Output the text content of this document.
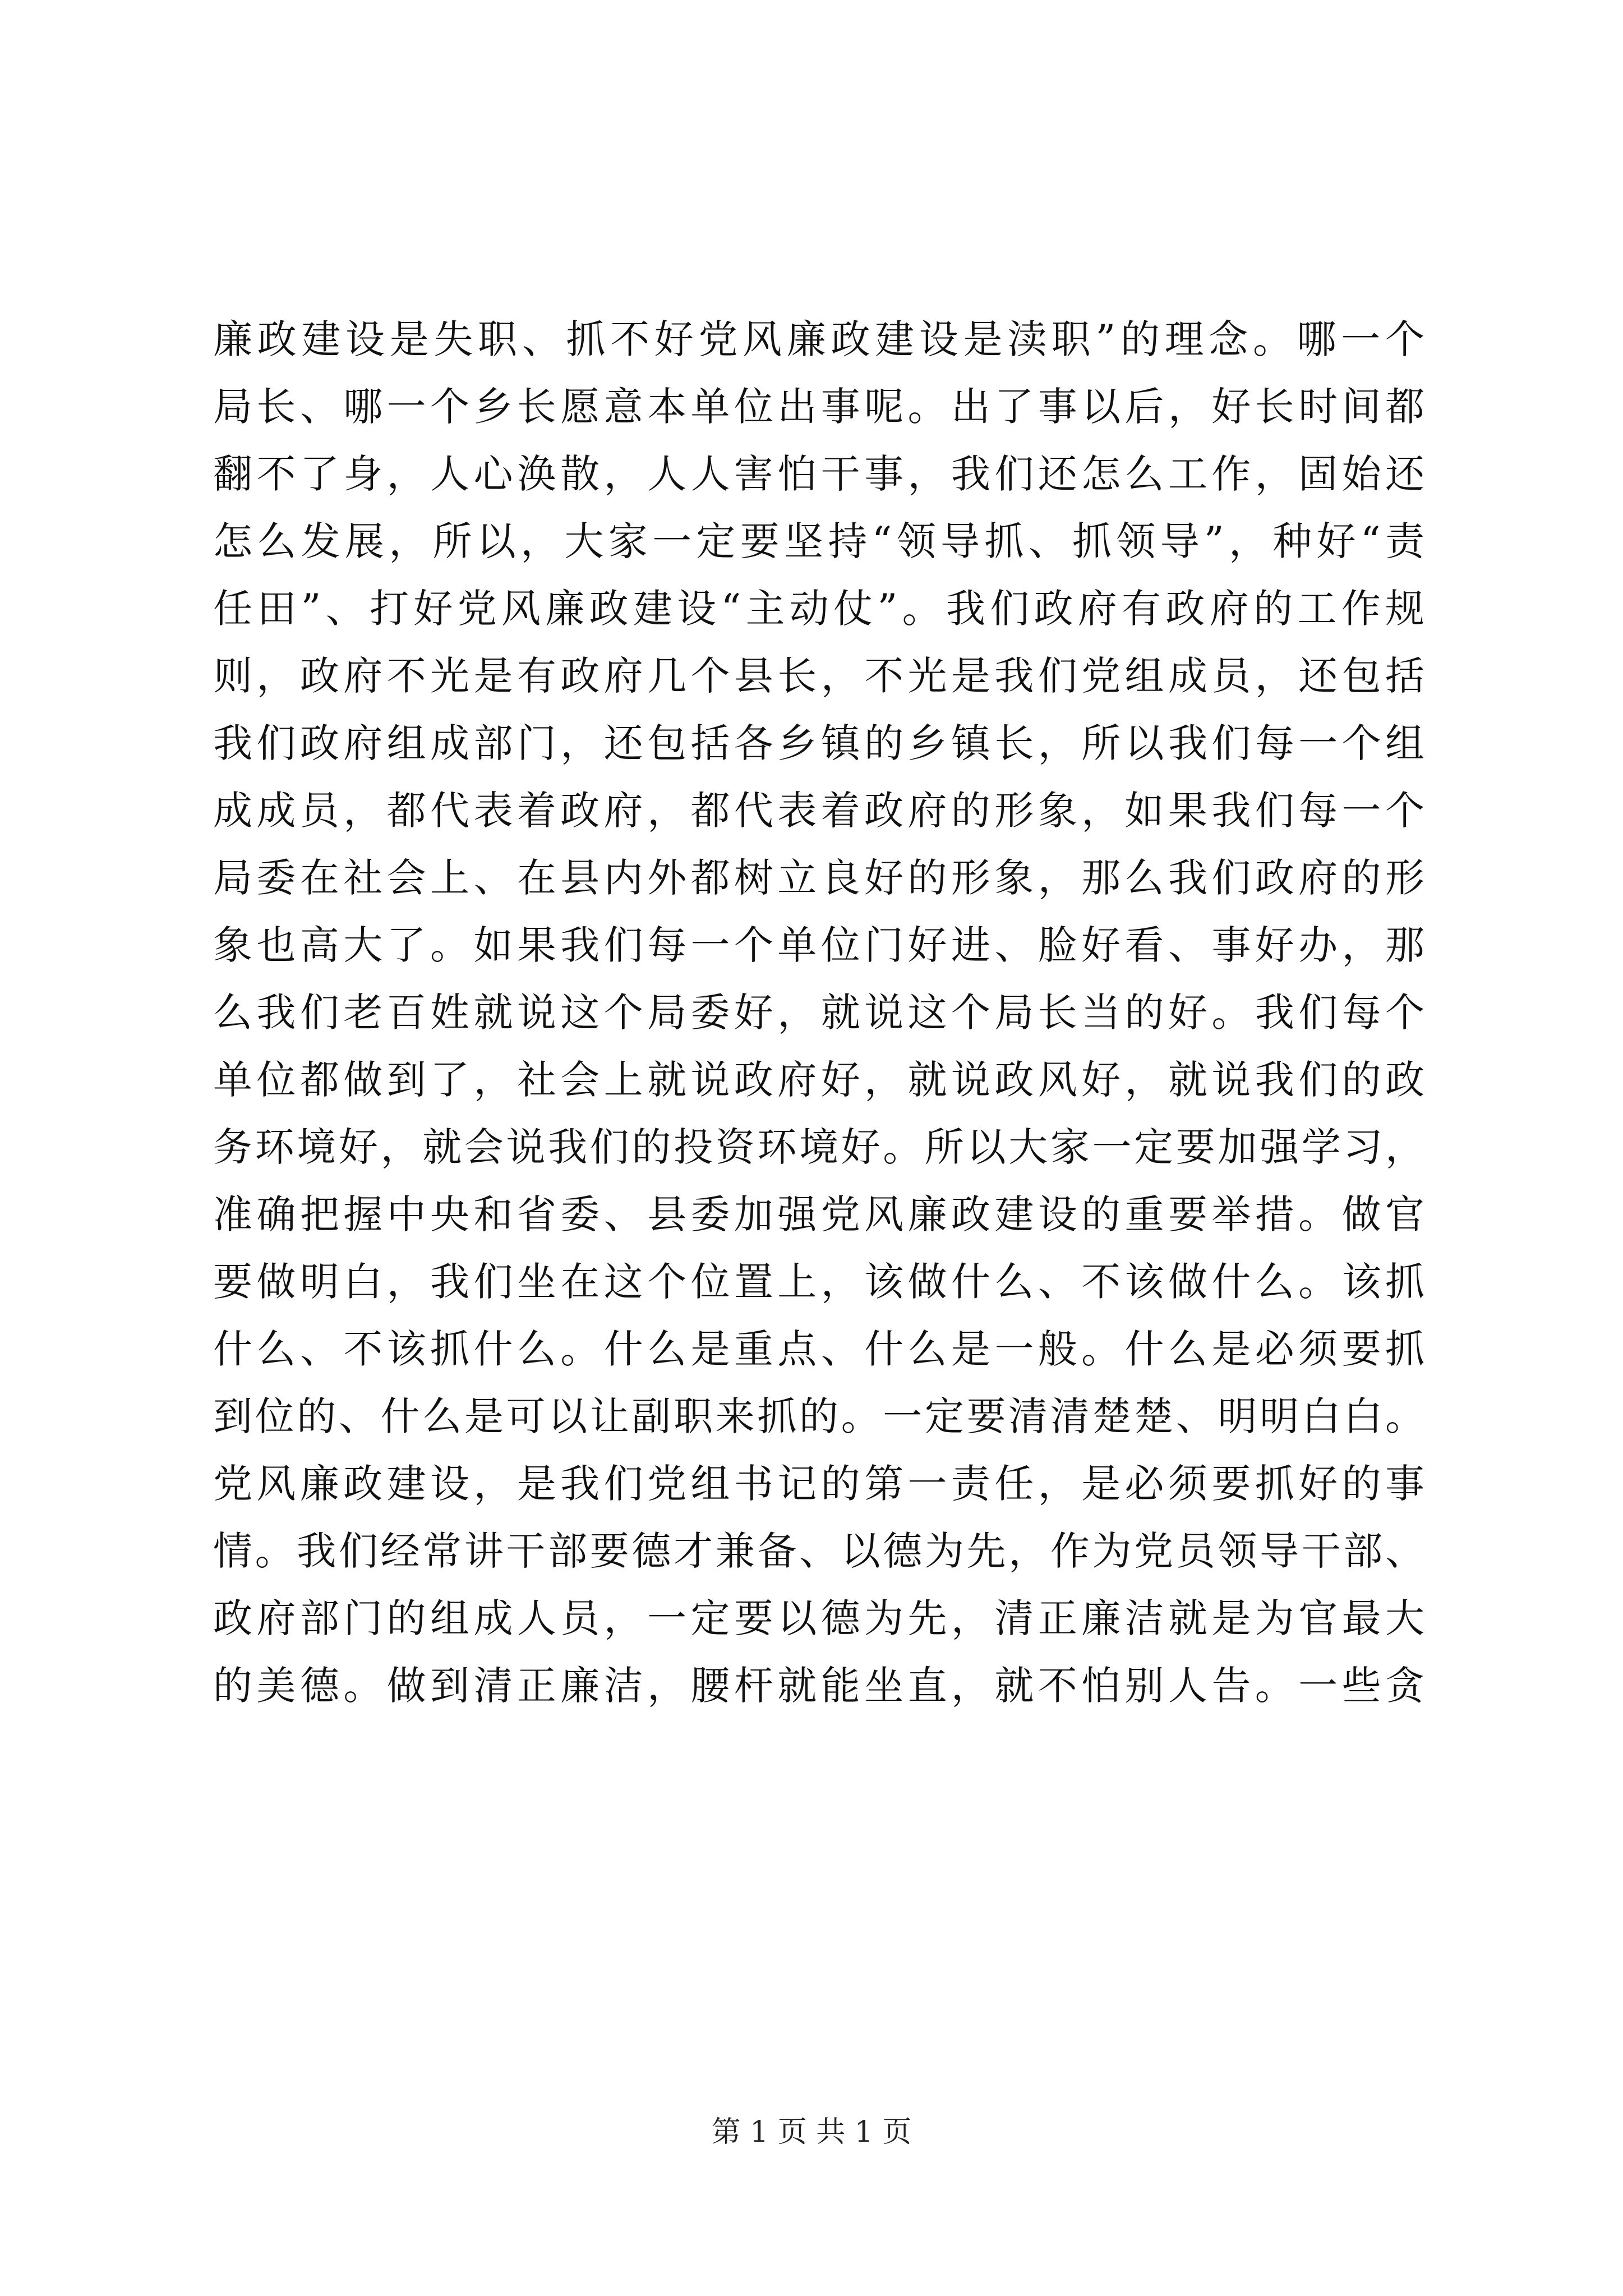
廉政建设是失职、抓不好党风廉政建设是渎职”的理念。哪一个
局长、哪一个乡长愿意本单位出事呢。出了事以后，好长时间都
翻不了身，人心涣散，人人害怕干事，我们还怎么工作，固始还
怎么发展，所以，大家一定要坚持“领导抓、抓领导”，种好“责
任田”、打好党风廉政建设“主动仗”。我们政府有政府的工作规
则，政府不光是有政府几个县长，不光是我们党组成员，还包括
我们政府组成部门，还包括各乡镇的乡镇长，所以我们每一个组
成成员，都代表着政府，都代表着政府的形象，如果我们每一个
局委在社会上、在县内外都树立良好的形象，那么我们政府的形
象也高大了。如果我们每一个单位门好进、脸好看、事好办，那
么我们老百姓就说这个局委好，就说这个局长当的好。我们每个
单位都做到了，社会上就说政府好，就说政风好，就说我们的政
务环境好，就会说我们的投资环境好。所以大家一定要加强学习，
准确把握中央和省委、县委加强党风廉政建设的重要举措。做官
要做明白，我们坐在这个位置上，该做什么、不该做什么。该抓
什么、不该抓什么。什么是重点、什么是一般。什么是必须要抓
到位的、什么是可以让副职来抓的。一定要清清楚楚、明明白白。
党风廉政建设，是我们党组书记的第一责任，是必须要抓好的事
情。我们经常讲干部要德才兼备、以德为先，作为党员领导干部、
政府部门的组成人员，一定要以德为先，清正廉洁就是为官最大
的美德。做到清正廉洁，腰杆就能坐直，就不怕别人告。一些贪
第 1 页 共 1 页
